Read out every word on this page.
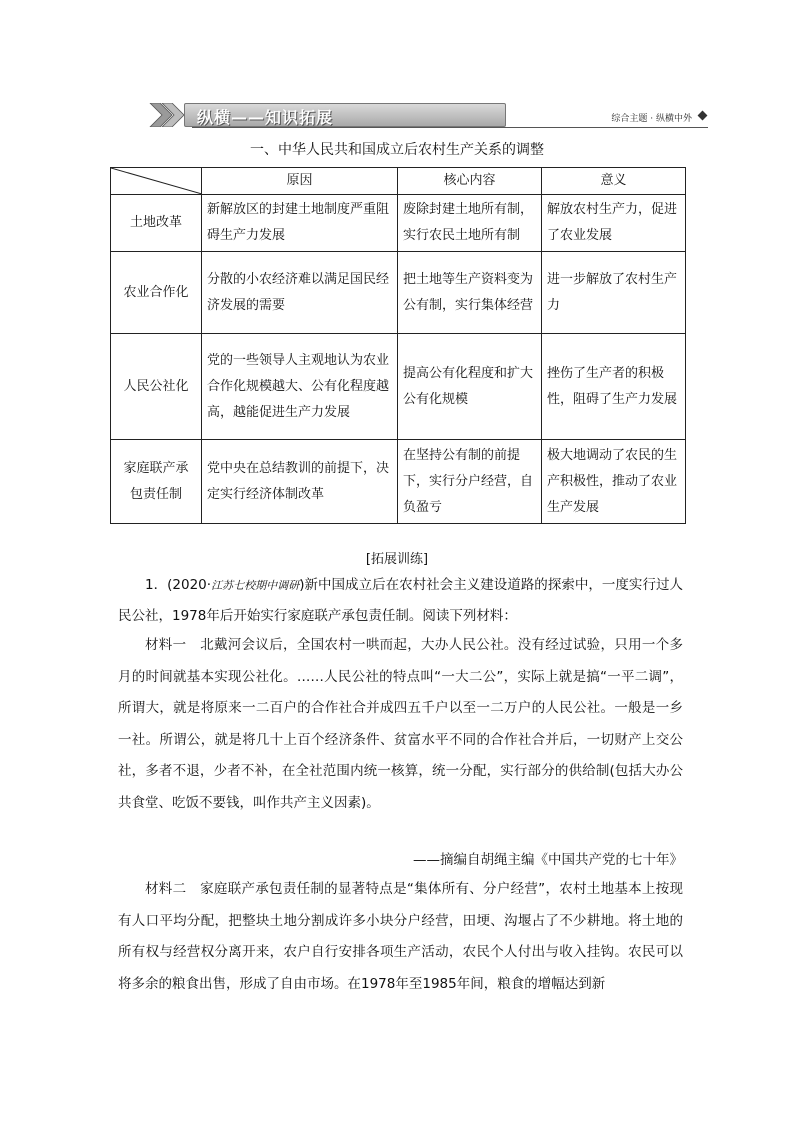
纵横——知识拓展	综合主题 · 纵横中外
一、中华人民共和国成立后农村生产关系的调整
	原因	核心内容	意义
土地改革	新解放区的封建土地制度严重阻碍生产力发展	废除封建土地所有制，实行农民土地所有制	解放农村生产力，促进了农业发展
农业合作化	分散的小农经济难以满足国民经济发展的需要	把土地等生产资料变为公有制，实行集体经营	进一步解放了农村生产力
人民公社化	党的一些领导人主观地认为农业合作化规模越大、公有化程度越高，越能促进生产力发展	提高公有化程度和扩大公有化规模	挫伤了生产者的积极性，阻碍了生产力发展
家庭联产承包责任制	党中央在总结教训的前提下，决定实行经济体制改革	在坚持公有制的前提下，实行分户经营，自负盈亏	极大地调动了农民的生产积极性，推动了农业生产发展
[拓展训练]
1．(2020·江苏七校期中调研)新中国成立后在农村社会主义建设道路的探索中，一度实行过人民公社，1978年后开始实行家庭联产承包责任制。阅读下列材料：
材料一　北戴河会议后，全国农村一哄而起，大办人民公社。没有经过试验，只用一个多月的时间就基本实现公社化。……人民公社的特点叫“一大二公”，实际上就是搞“一平二调”，所谓大，就是将原来一二百户的合作社合并成四五千户以至一二万户的人民公社。一般是一乡一社。所谓公，就是将几十上百个经济条件、贫富水平不同的合作社合并后，一切财产上交公社，多者不退，少者不补，在全社范围内统一核算，统一分配，实行部分的供给制(包括大办公共食堂、吃饭不要钱，叫作共产主义因素)。
——摘编自胡绳主编《中国共产党的七十年》
材料二　家庭联产承包责任制的显著特点是“集体所有、分户经营”，农村土地基本上按现有人口平均分配，把整块土地分割成许多小块分户经营，田埂、沟堰占了不少耕地。将土地的所有权与经营权分离开来，农户自行安排各项生产活动，农民个人付出与收入挂钩。农民可以将多余的粮食出售，形成了自由市场。在1978年至1985年间，粮食的增幅达到新
